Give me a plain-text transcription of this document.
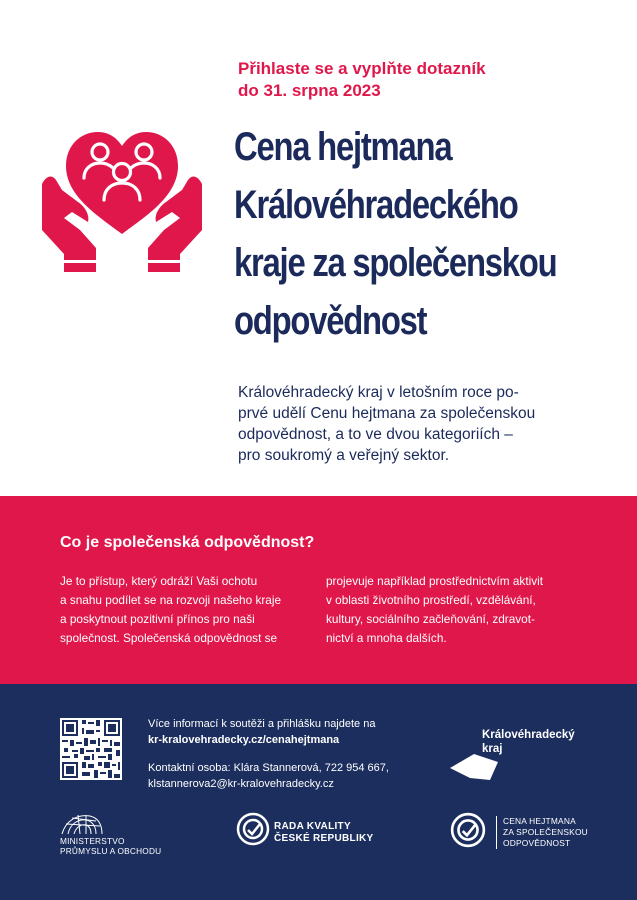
Přihlaste se a vyplňte dotazník
do 31. srpna 2023
Cena hejtmana
Královéhradeckého
kraje za společenskou
odpovědnost
Královéhradecký kraj v letošním roce po-
prvé udělí Cenu hejtmana za společenskou
odpovědnost, a to ve dvou kategoriích –
pro soukromý a veřejný sektor.
Co je společenská odpovědnost?
Je to přístup, který odráží Vaši ochotu
a snahu podílet se na rozvoji našeho kraje
a poskytnout pozitivní přínos pro naši
společnost. Společenská odpovědnost se
projevuje například prostřednictvím aktivit
v oblasti životního prostředí, vzdělávání,
kultury, sociálního začleňování, zdravot-
nictví a mnoha dalších.
Více informací k soutěži a přihlášku najdete na
kr-kralovehradecky.cz/cenahejtmana
Kontaktní osoba: Klára Stannerová, 722 954 667,
klstannerova2@kr-kralovehradecky.cz
Královéhradecký
kraj
MINISTERSTVO
PRŮMYSLU A OBCHODU
RADA KVALITY
ČESKÉ REPUBLIKY
CENA HEJTMANA
ZA SPOLEČENSKOU
ODPOVĚDNOST
